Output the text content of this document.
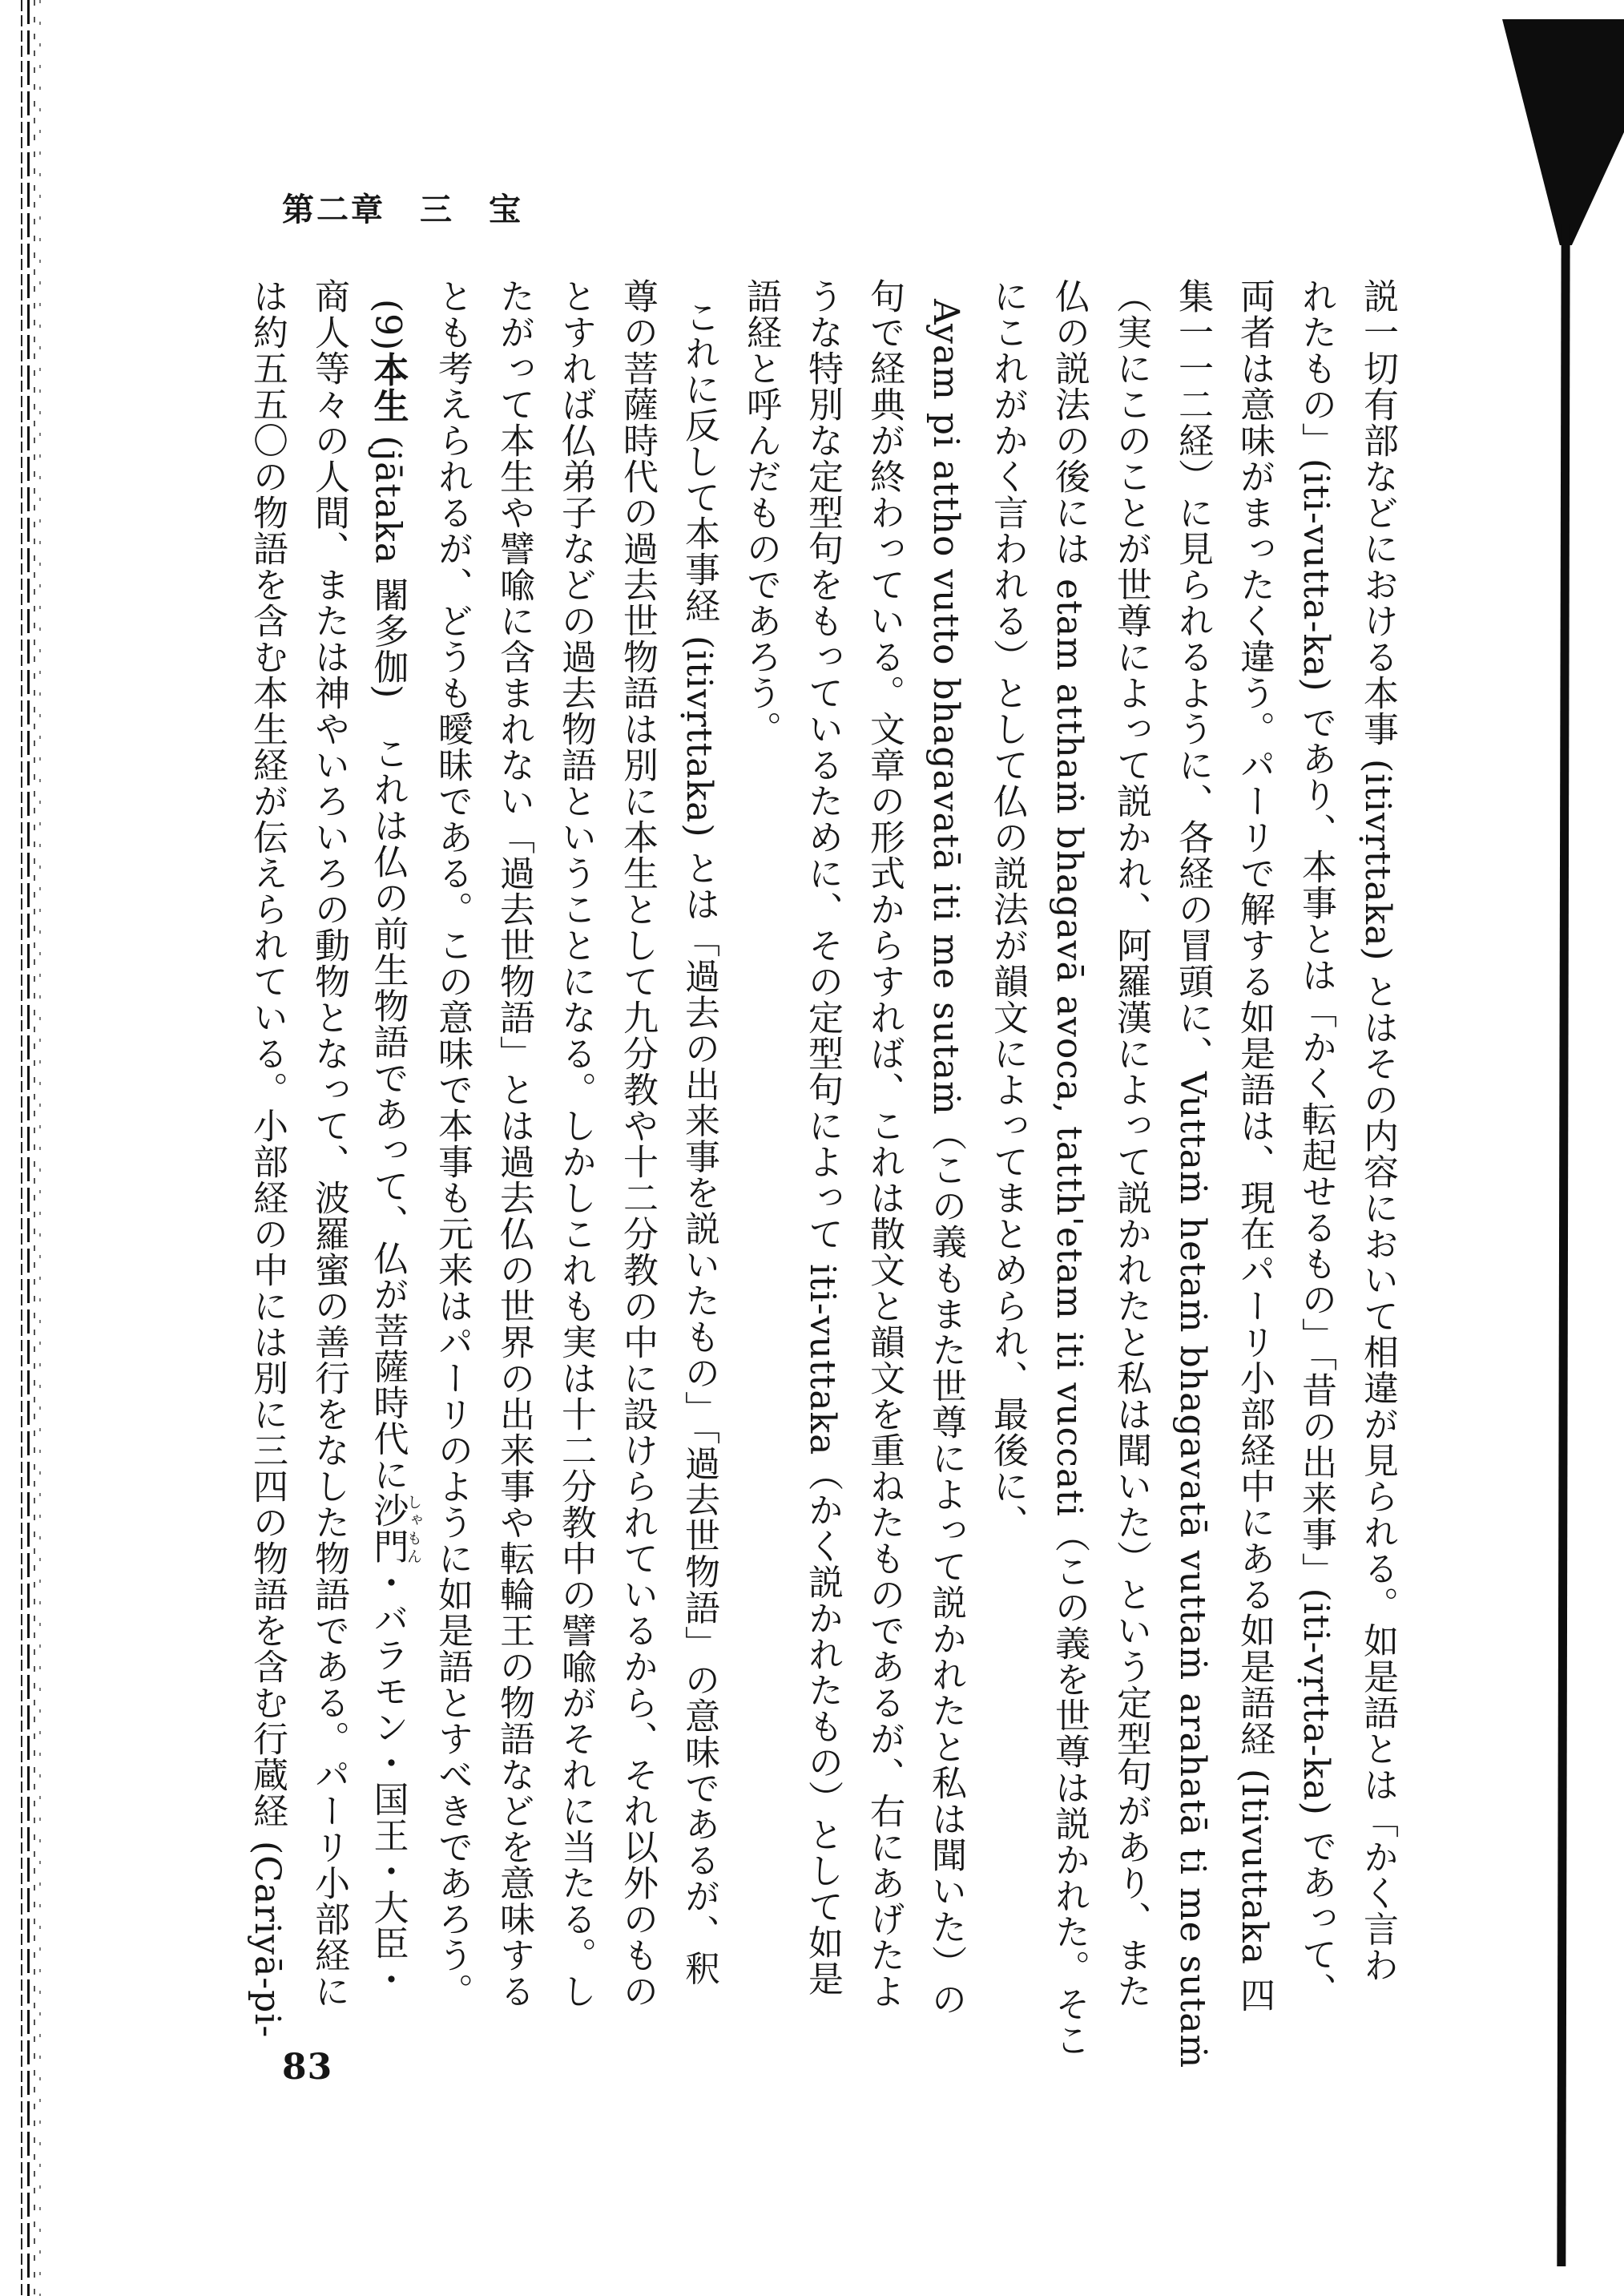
第二章　三　宝
説一切有部などにおける本事 (itivṛttaka) とはその内容において相違が見られる。如是語とは「かく言わ
れたもの」(iti-vutta-ka) であり、本事とは「かく転起せるもの」「昔の出来事」(iti-vṛtta-ka) であって、
両者は意味がまったく違う。パーリで解する如是語は、現在パーリ小部経中にある如是語経 (Itivuttaka 四
集一一二経）に見られるように、各経の冒頭に、Vuttaṁ hetaṁ bhagavatā vuttaṁ arahatā ti me sutaṁ
（実にこのことが世尊によって説かれ、阿羅漢によって説かれたと私は聞いた）という定型句があり、また
仏の説法の後には etam atthaṁ bhagavā avoca, tatth'etam iti vuccati（この義を世尊は説かれた。そこ
にこれがかく言われる）として仏の説法が韻文によってまとめられ、最後に、
Ayam pi attho vutto bhagavatā iti me sutaṁ（この義もまた世尊によって説かれたと私は聞いた）の
句で経典が終わっている。文章の形式からすれば、これは散文と韻文を重ねたものであるが、右にあげたよ
うな特別な定型句をもっているために、その定型句によって iti-vuttaka（かく説かれたもの）として如是
語経と呼んだものであろう。
これに反して本事経 (itivṛttaka) とは「過去の出来事を説いたもの」「過去世物語」の意味であるが、釈
尊の菩薩時代の過去世物語は別に本生として九分教や十二分教の中に設けられているから、それ以外のもの
とすれば仏弟子などの過去物語ということになる。しかしこれも実は十二分教中の譬喩がそれに当たる。し
たがって本生や譬喩に含まれない「過去世物語」とは過去仏の世界の出来事や転輪王の物語などを意味する
とも考えられるが、どうも曖昧である。この意味で本事も元来はパーリのように如是語とすべきであろう。
(9)本生 (jātaka 闍多伽)　これは仏の前生物語であって、仏が菩薩時代に沙門しゃもん・バラモン・国王・大臣・
商人等々の人間、または神やいろいろの動物となって、波羅蜜の善行をなした物語である。パーリ小部経に
は約五五〇の物語を含む本生経が伝えられている。小部経の中には別に三四の物語を含む行蔵経 (Cariyā-pi-
83
